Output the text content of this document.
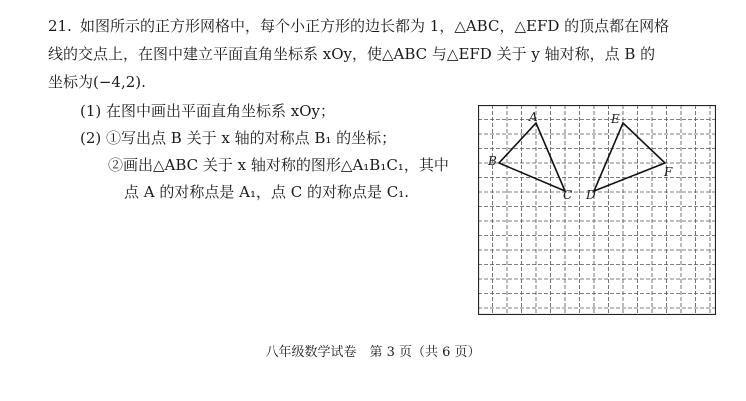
21. 如图所示的正方形网格中，每个小正方形的边长都为 1，△ABC，△EFD 的顶点都在网格
线的交点上，在图中建立平面直角坐标系 xOy，使△ABC 与△EFD 关于 y 轴对称，点 B 的
坐标为(−4,2).
(1) 在图中画出平面直角坐标系 xOy；
(2) ①写出点 B 关于 x 轴的对称点 B₁ 的坐标；
②画出△ABC 关于 x 轴对称的图形△A₁B₁C₁，其中
点 A 的对称点是 A₁，点 C 的对称点是 C₁.
A
B
C
E
F
D
八年级数学试卷　第 3 页（共 6 页）
